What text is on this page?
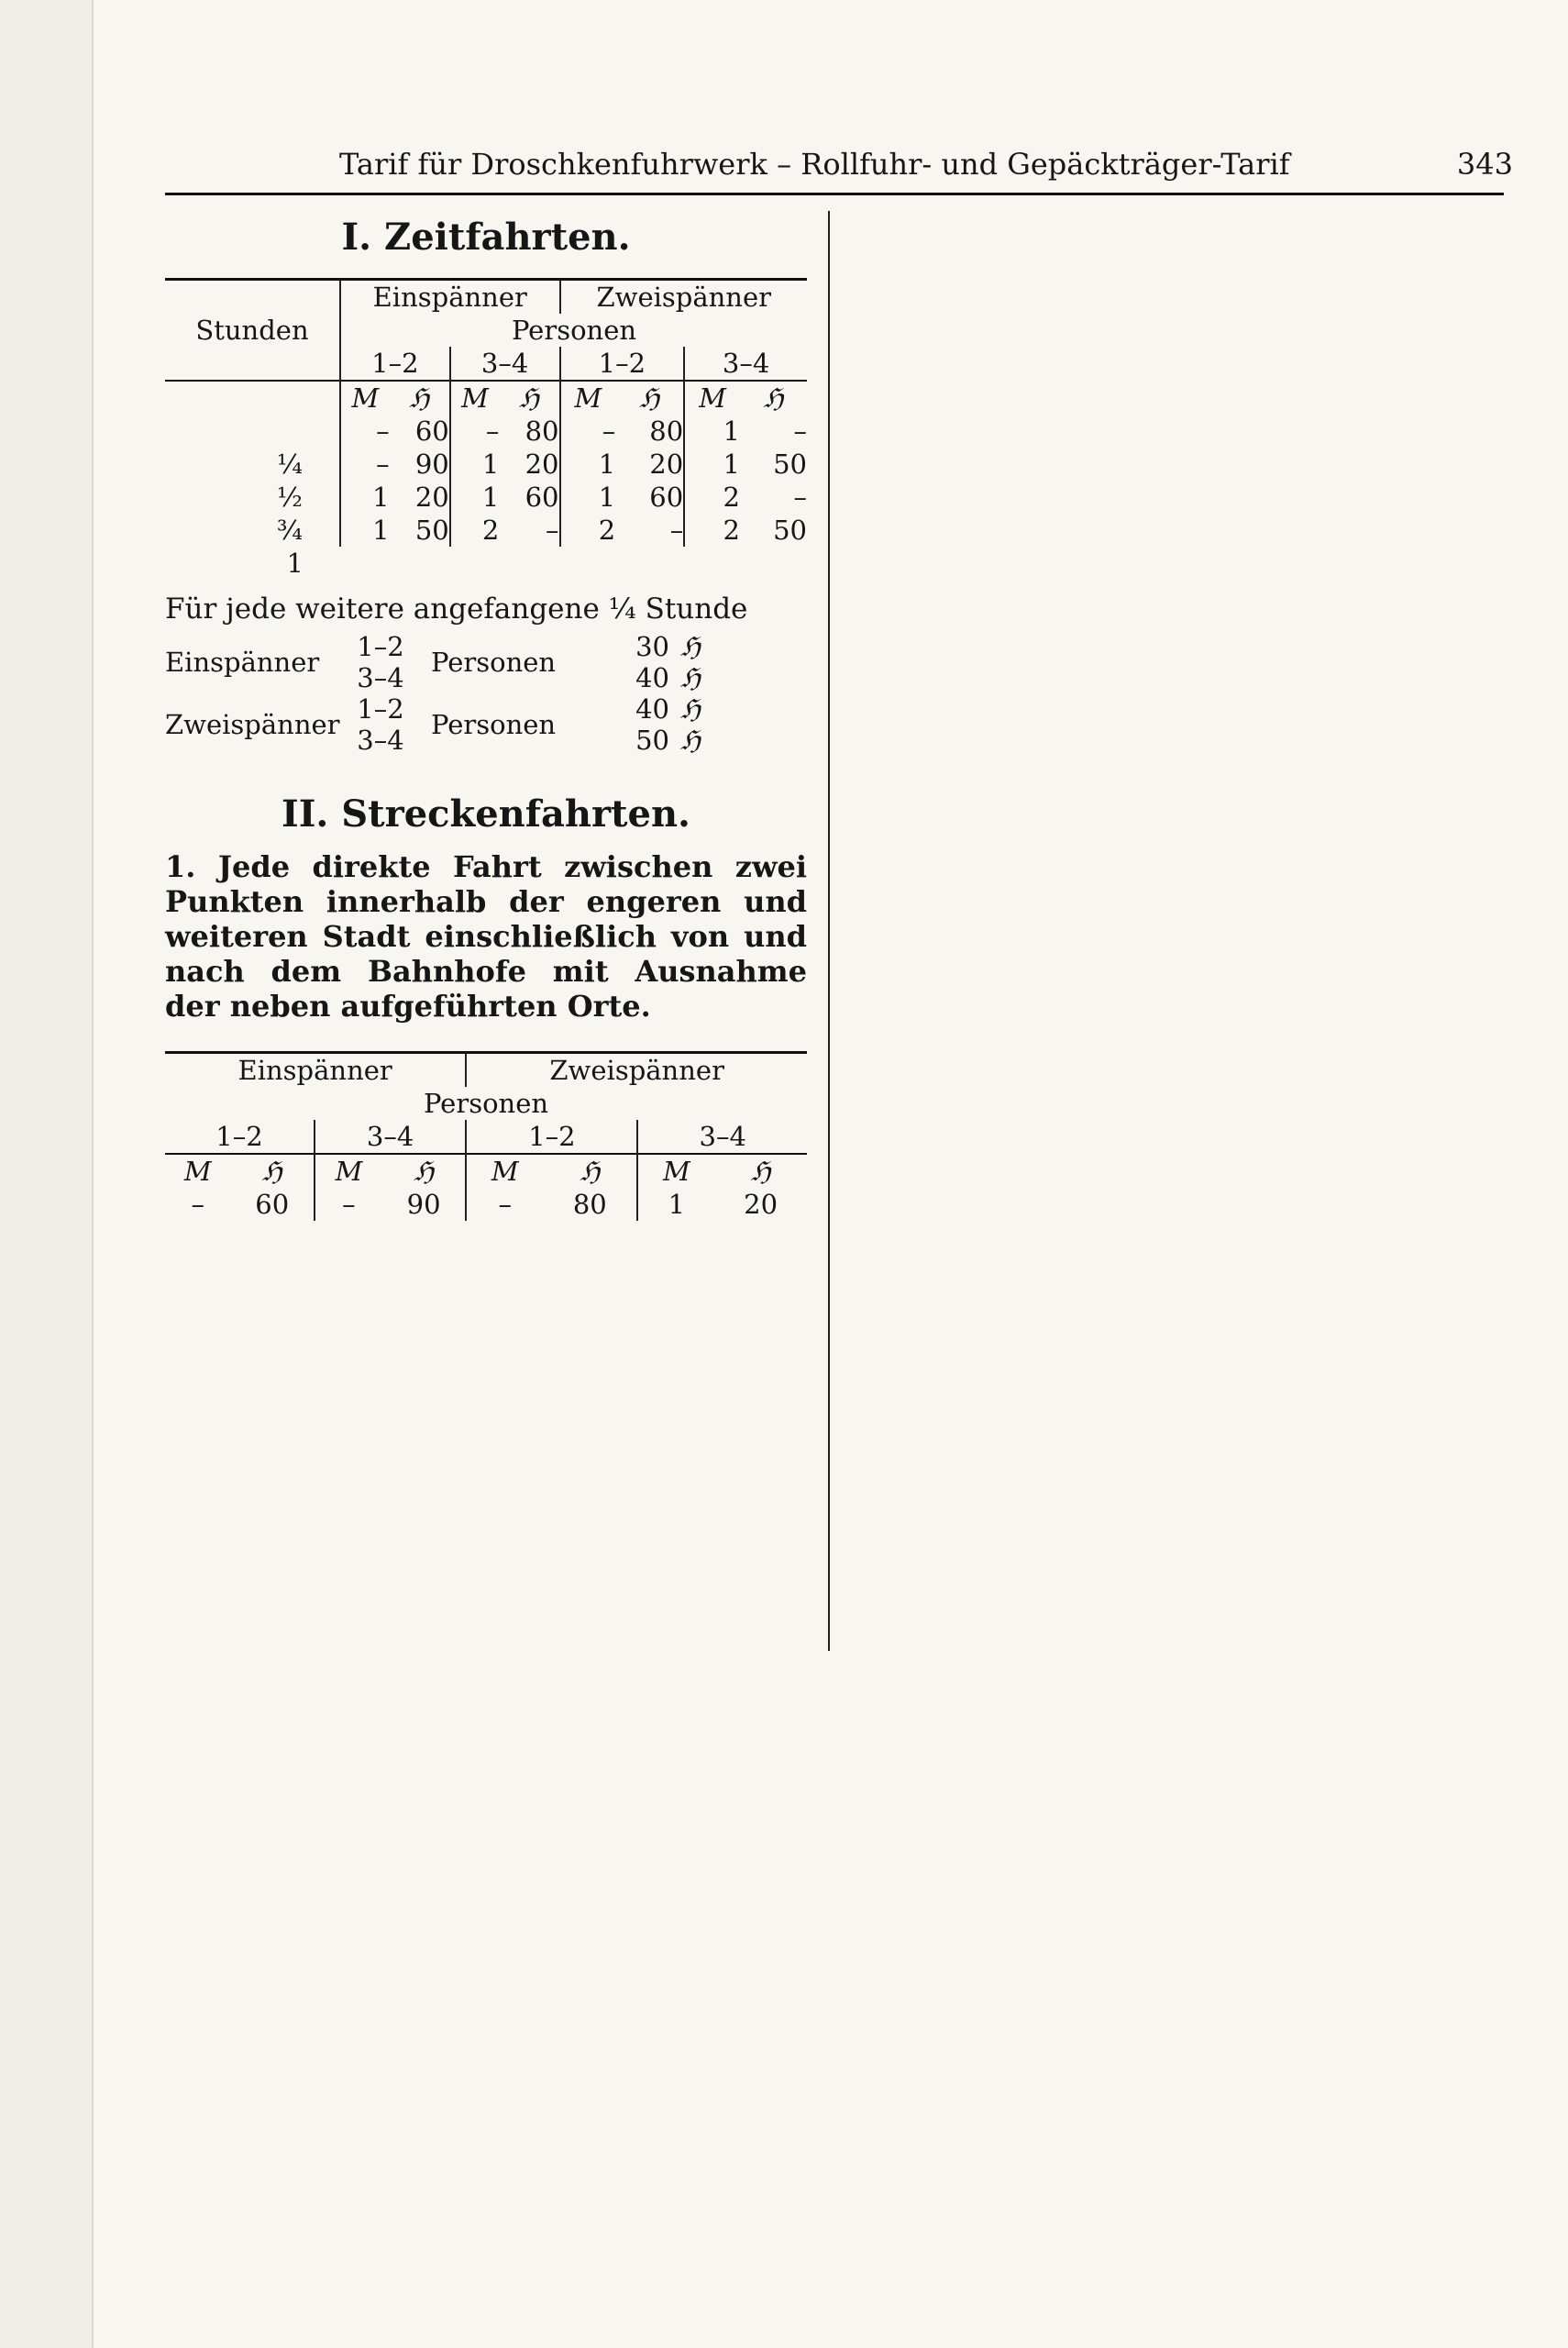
Tarif für Droschkenfuhrwerk – Rollfuhr- und Gepäckträger-Tarif	343
I. Zeitfahrten.
Stunden	Einspänner				Zweispänner			
	Personen							
	1–2		3–4		1–2		3–4	
	M	ℌ	M	ℌ	M	ℌ	M	ℌ
	–	60	–	80	–	80	1	–
¼	–	90	1	20	1	20	1	50
½	1	20	1	60	1	60	2	–
¾	1	50	2	–	2	–	2	50
1								

Für jede weitere angefangene ¼ Stunde

Einspänner	1–2	Personen	30	ℌ
	3–4		40	ℌ
Zweispänner	1–2	Personen	40	ℌ
	3–4		50	ℌ
II. Streckenfahrten.

1. Jede direkte Fahrt zwischen zwei Punkten innerhalb der engeren und weiteren Stadt einschließlich von und nach dem Bahnhofe mit Ausnahme der neben aufgeführten Orte.

Einspänner				Zweispänner			
Personen							
1–2		3–4		1–2		3–4	
M	ℌ	M	ℌ	M	ℌ	M	ℌ
–	60	–	90	–	80	1	20
